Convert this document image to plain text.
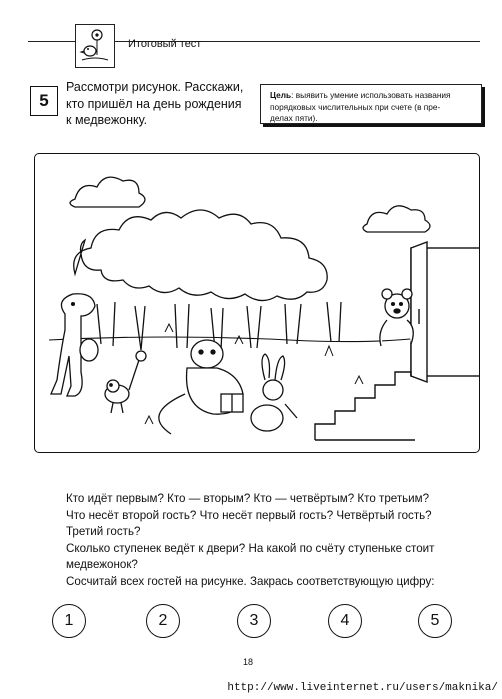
Итоговый тест
5
Рассмотри рисунок. Расскажи,
кто пришёл на день рождения
к медвежонку.
Цель: выявить умение использовать названия
порядковых числительных при счете (в пре-
делах пяти).
Кто идёт первым? Кто — вторым? Кто — четвёртым? Кто третьим?
Что несёт второй гость? Что несёт первый гость? Четвёртый гость?
Третий гость?
Сколько ступенек ведёт к двери? На какой по счёту ступеньке стоит
медвежонок?
Сосчитай всех гостей на рисунке. Закрась соответствующую цифру:
1	2	3	4	5
18
http://www.liveinternet.ru/users/maknika/
